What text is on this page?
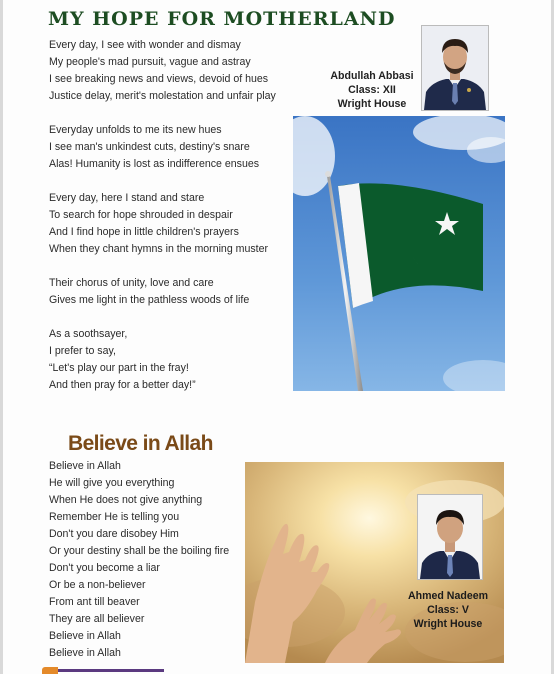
MY HOPE FOR MOTHERLAND
Every day, I see with wonder and dismay
My people's mad pursuit, vague and astray
I see breaking news and views, devoid of hues
Justice delay, merit's molestation and unfair play
Everyday unfolds to me its new hues
I see man's unkindest cuts, destiny's snare
Alas! Humanity is lost as indifference ensues
Every day, here I stand and stare
To search for hope shrouded in despair
And I find hope in little children's prayers
When they chant hymns in the morning muster
Their chorus of unity, love and care
Gives me light in the pathless woods of life
As a soothsayer,
I prefer to say,
“Let's play our part in the fray!
And then pray for a better day!”
Abdullah Abbasi
Class: XII
Wright House
Believe in Allah
Believe in Allah
He will give you everything
When He does not give anything
Remember He is telling you
Don't you dare disobey Him
Or your destiny shall be the boiling fire
Don't you become a liar
Or be a non-believer
From ant till beaver
They are all believer
Believe in Allah
Believe in Allah
Ahmed Nadeem
Class: V
Wright House
